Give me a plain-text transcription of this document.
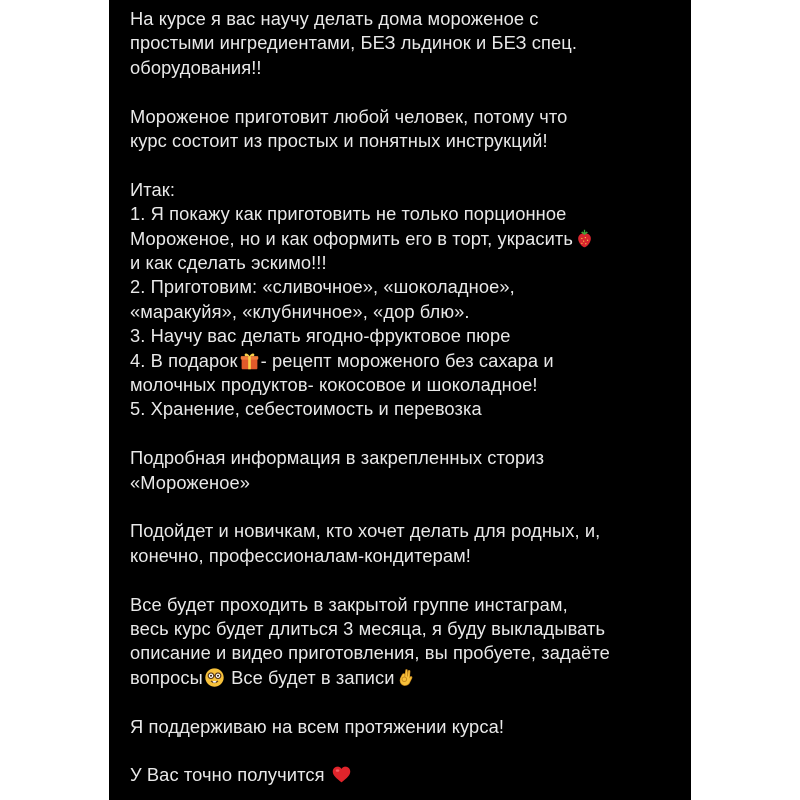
На курсе я вас научу делать дома мороженое с
простыми ингредиентами, БЕЗ льдинок и БЕЗ спец.
оборудования!!

Мороженое приготовит любой человек, потому что
курс состоит из простых и понятных инструкций!

Итак:
1. Я покажу как приготовить не только порционное
Мороженое, но и как оформить его в торт, украсить
и как сделать эскимо!!!
2. Приготовим: «сливочное», «шоколадное»,
«маракуйя», «клубничное», «дор блю».
3. Научу вас делать ягодно-фруктовое пюре
4. В подарок - рецепт мороженого без сахара и
молочных продуктов- кокосовое и шоколадное!
5. Хранение, себестоимость и перевозка

Подробная информация в закрепленных сториз
«Мороженое»

Подойдет и новичкам, кто хочет делать для родных, и,
конечно, профессионалам-кондитерам!

Все будет проходить в закрытой группе инстаграм,
весь курс будет длиться 3 месяца, я буду выкладывать
описание и видео приготовления, вы пробуете, задаёте
вопросы
Все будет в записи

Я поддерживаю на всем протяжении курса!

У Вас точно получится
